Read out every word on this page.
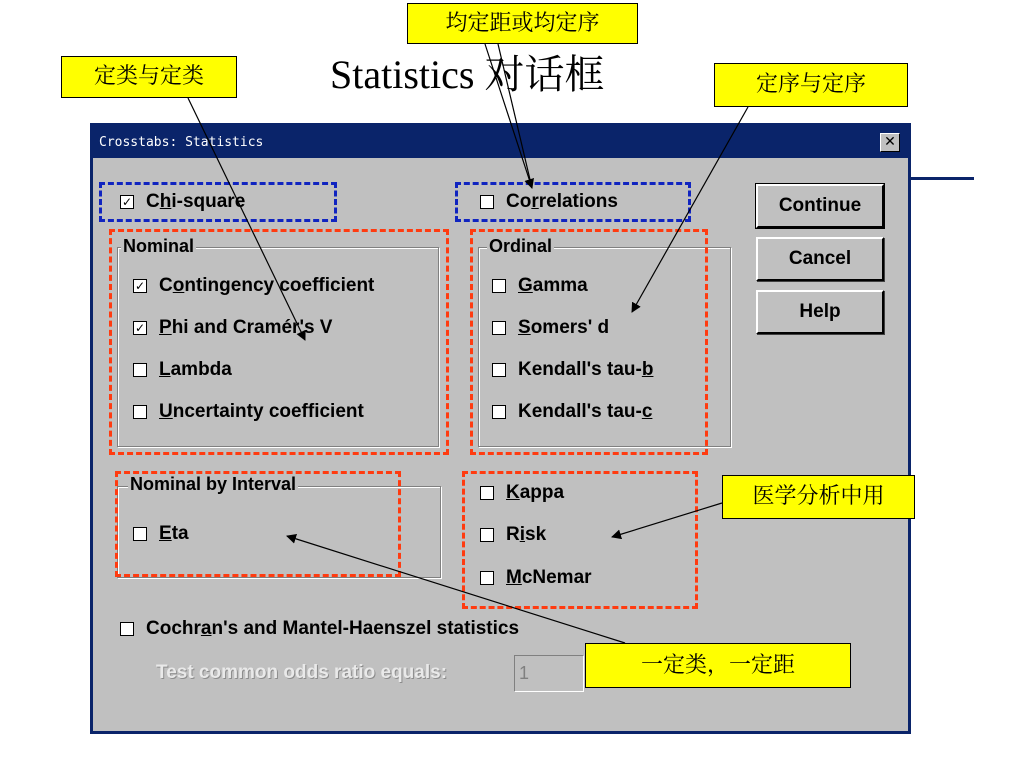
Statistics 对话框
Crosstabs: Statistics	✕
✓ Chi-square	Correlations
Nominal
✓ Contingency coefficient
✓ Phi and Cramér's V
Lambda
Uncertainty coefficient
Ordinal
Gamma
Somers' d
Kendall's tau-b
Kendall's tau-c
Nominal by Interval
Eta
Kappa
Risk
McNemar
Cochran's and Mantel-Haenszel statistics
Test common odds ratio equals:	1
Continue
Cancel
Help
均定距或均定序
定类与定类	定序与定序
医学分析中用
一定类，一定距
